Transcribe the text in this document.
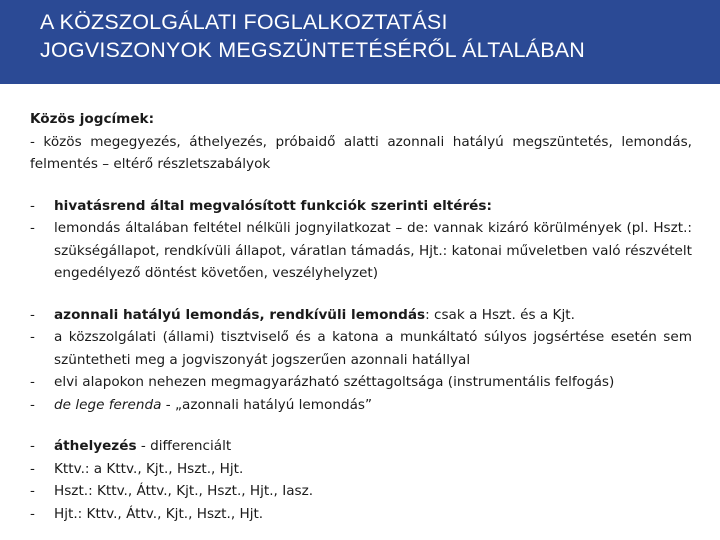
A KÖZSZOLGÁLATI FOGLALKOZTATÁSI
JOGVISZONYOK MEGSZÜNTETÉSÉRŐL ÁLTALÁBAN

Közös jogcímek:

- közös megegyezés, áthelyezés, próbaidő alatti azonnali hatályú megszüntetés, lemondás, felmentés – eltérő részletszabályok

-	hivatásrend által megvalósított funkciók szerinti eltérés:
-	lemondás általában feltétel nélküli jognyilatkozat – de: vannak kizáró körülmények (pl. Hszt.: szükségállapot, rendkívüli állapot, váratlan támadás, Hjt.: katonai műveletben való részvételt engedélyező döntést követően, veszélyhelyzet)
-	azonnali hatályú lemondás, rendkívüli lemondás: csak a Hszt. és a Kjt.
-	a közszolgálati (állami) tisztviselő és a katona a munkáltató súlyos jogsértése esetén sem szüntetheti meg a jogviszonyát jogszerűen azonnali hatállyal
-	elvi alapokon nehezen megmagyarázható széttagoltsága (instrumentális felfogás)
-	de lege ferenda - „azonnali hatályú lemondás”
-	áthelyezés - differenciált
-	Kttv.: a Kttv., Kjt., Hszt., Hjt.
-	Hszt.: Kttv., Áttv., Kjt., Hszt., Hjt., Iasz.
-	Hjt.: Kttv., Áttv., Kjt., Hszt., Hjt.
